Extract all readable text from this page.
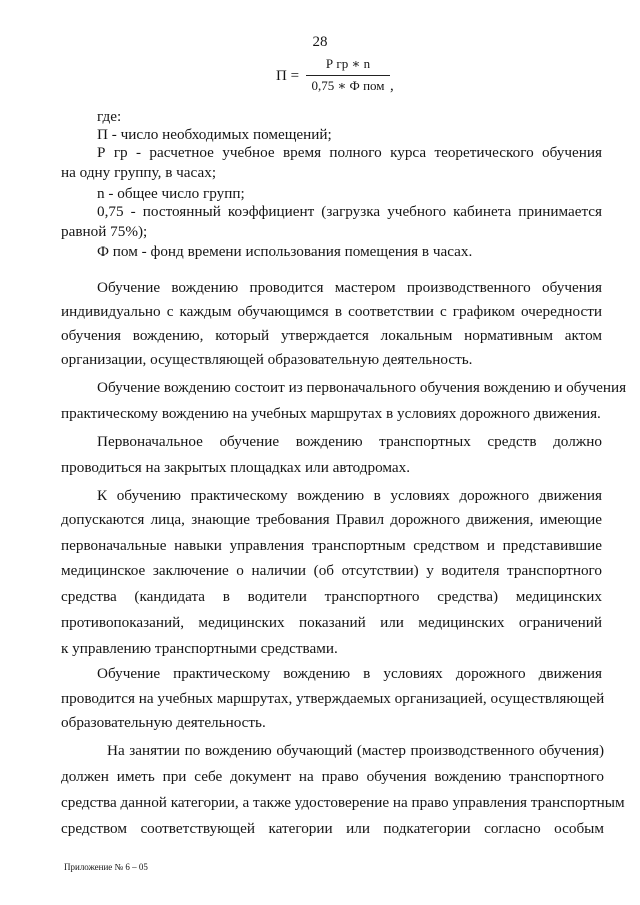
28
П =
Р гр ∗ n
0,75 ∗ Ф пом ,
где:
П - число необходимых помещений;
Р гр - расчетное учебное время полного курса теоретического обучения
на одну группу, в часах;
n - общее число групп;
0,75 - постоянный коэффициент (загрузка учебного кабинета принимается
равной 75%);
Ф пом - фонд времени использования помещения в часах.
Обучение вождению проводится мастером производственного обучения
индивидуально с каждым обучающимся в соответствии с графиком очередности
обучения вождению, который утверждается локальным нормативным актом
организации, осуществляющей образовательную деятельность.
Обучение вождению состоит из первоначального обучения вождению и обучения
практическому вождению на учебных маршрутах в условиях дорожного движения.
Первоначальное обучение вождению транспортных средств должно
проводиться на закрытых площадках или автодромах.
К обучению практическому вождению в условиях дорожного движения
допускаются лица, знающие требования Правил дорожного движения, имеющие
первоначальные навыки управления транспортным средством и представившие
медицинское заключение о наличии (об отсутствии) у водителя транспортного
средства (кандидата в водители транспортного средства) медицинских
противопоказаний, медицинских показаний или медицинских ограничений
к управлению транспортными средствами.
Обучение практическому вождению в условиях дорожного движения
проводится на учебных маршрутах, утверждаемых организацией, осуществляющей
образовательную деятельность.
На занятии по вождению обучающий (мастер производственного обучения)
должен иметь при себе документ на право обучения вождению транспортного
средства данной категории, а также удостоверение на право управления транспортным
средством соответствующей категории или подкатегории согласно особым
Приложение № 6 – 05
